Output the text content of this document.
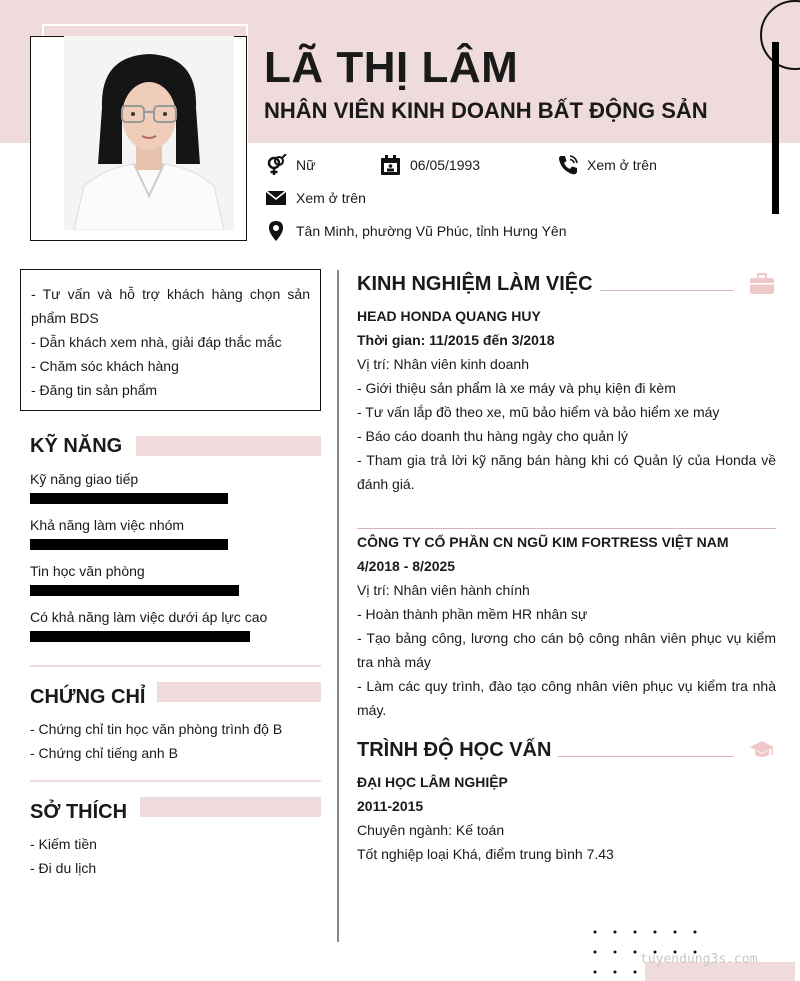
LÃ THỊ LÂM
NHÂN VIÊN KINH DOANH BẤT ĐỘNG SẢN
Nữ	06/05/1993	Xem ở trên
Xem ở trên
Tân Minh, phường Vũ Phúc, tỉnh Hưng Yên

- Tư vấn và hỗ trợ khách hàng chọn sản phẩm BDS

- Dẫn khách xem nhà, giải đáp thắc mắc

- Chăm sóc khách hàng

- Đăng tin sản phẩm

KỸ NĂNG
Kỹ năng giao tiếp
Khả năng làm việc nhóm
Tin học văn phòng
Có khả năng làm việc dưới áp lực cao
CHỨNG CHỈ

- Chứng chỉ tin học văn phòng trình độ B

- Chứng chỉ tiếng anh B

SỞ THÍCH

- Kiếm tiền

- Đi du lịch

KINH NGHIỆM LÀM VIỆC

HEAD HONDA QUANG HUY

Thời gian: 11/2015 đến 3/2018

Vị trí: Nhân viên kinh doanh

- Giới thiệu sản phẩm là xe máy và phụ kiện đi kèm

- Tư vấn lắp đồ theo xe, mũ bảo hiểm và bảo hiểm xe máy

- Báo cáo doanh thu hàng ngày cho quản lý

- Tham gia trả lời kỹ năng bán hàng khi có Quản lý của Honda về đánh giá.

CÔNG TY CỔ PHẦN CN NGŨ KIM FORTRESS VIỆT NAM

4/2018 - 8/2025

Vị trí: Nhân viên hành chính

- Hoàn thành phần mềm HR nhân sự

- Tạo bảng công, lương cho cán bộ công nhân viên phục vụ kiểm tra nhà máy

- Làm các quy trình, đào tạo công nhân viên phục vụ kiểm tra nhà máy.

TRÌNH ĐỘ HỌC VẤN

ĐẠI HỌC LÂM NGHIỆP

2011-2015

Chuyên ngành: Kế toán

Tốt nghiệp loại Khá, điểm trung bình 7.43

tuyendung3s.com
